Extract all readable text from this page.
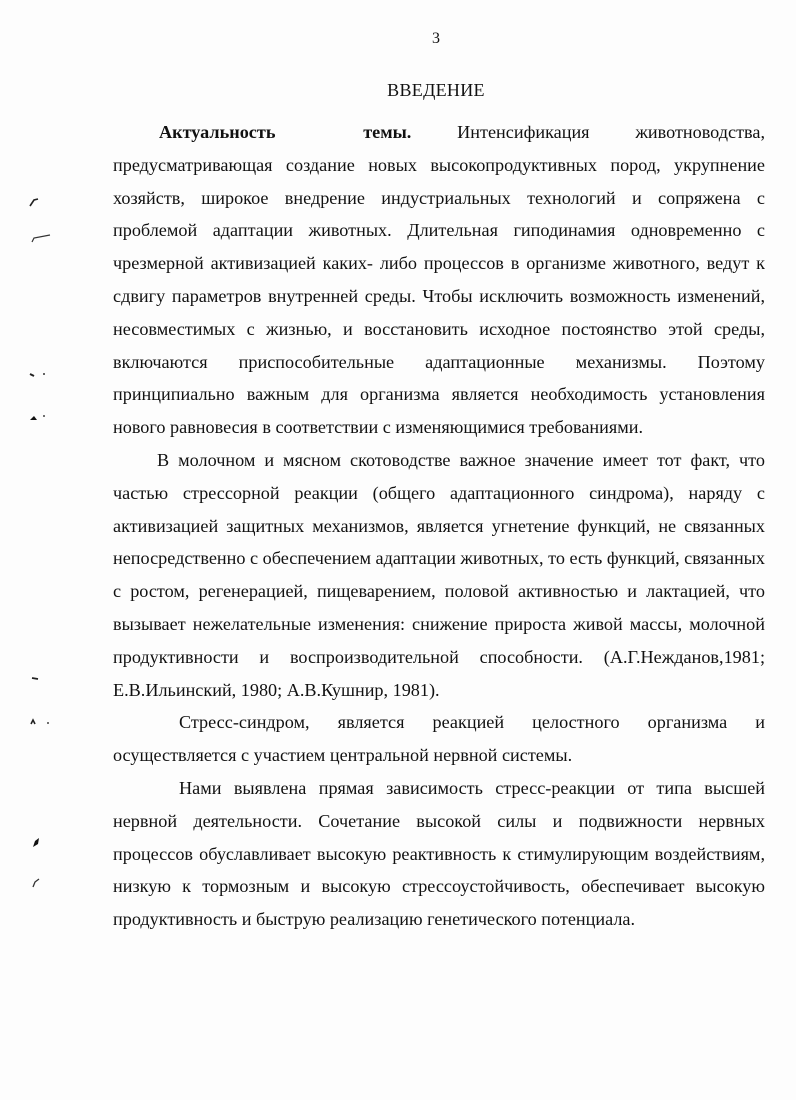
3
ВВЕДЕНИЕ

Актуальность темы.	Интенсификация животноводства, предусматривающая создание новых высокопродуктивных пород, укрупнение хозяйств, широкое внедрение индустриальных технологий и сопряжена с проблемой адаптации животных. Длительная гиподинамия одновременно с чрезмерной активизацией каких- либо процессов в организме животного, ведут к сдвигу параметров внутренней среды. Чтобы исключить возможность изменений, несовместимых с жизнью, и восстановить исходное постоянство этой среды, включаются приспособительные адаптационные механизмы. Поэтому принципиально важным для организма является необходимость установления нового равновесия в соответствии с изменяющимися требованиями.

В молочном и мясном скотоводстве важное значение имеет тот факт, что частью стрессорной реакции (общего адаптационного синдрома), наряду с активизацией защитных механизмов, является угнетение функций, не связанных непосредственно с обеспечением адаптации животных, то есть функций, связанных с ростом, регенерацией, пищеварением, половой активностью и лактацией, что вызывает нежелательные изменения: снижение прироста живой массы, молочной продуктивности и воспроизводительной способности. (А.Г.Нежданов,1981; Е.В.Ильинский, 1980; А.В.Кушнир, 1981).

Стресс-синдром, является реакцией целостного организма и осуществляется с участием центральной нервной системы.

Нами выявлена прямая зависимость стресс-реакции от типа высшей нервной деятельности. Сочетание высокой силы и подвижности нервных процессов обуславливает высокую реактивность к стимулирующим воздействиям, низкую к тормозным и высокую стрессоустойчивость, обеспечивает высокую продуктивность и быструю реализацию генетического потенциала.
